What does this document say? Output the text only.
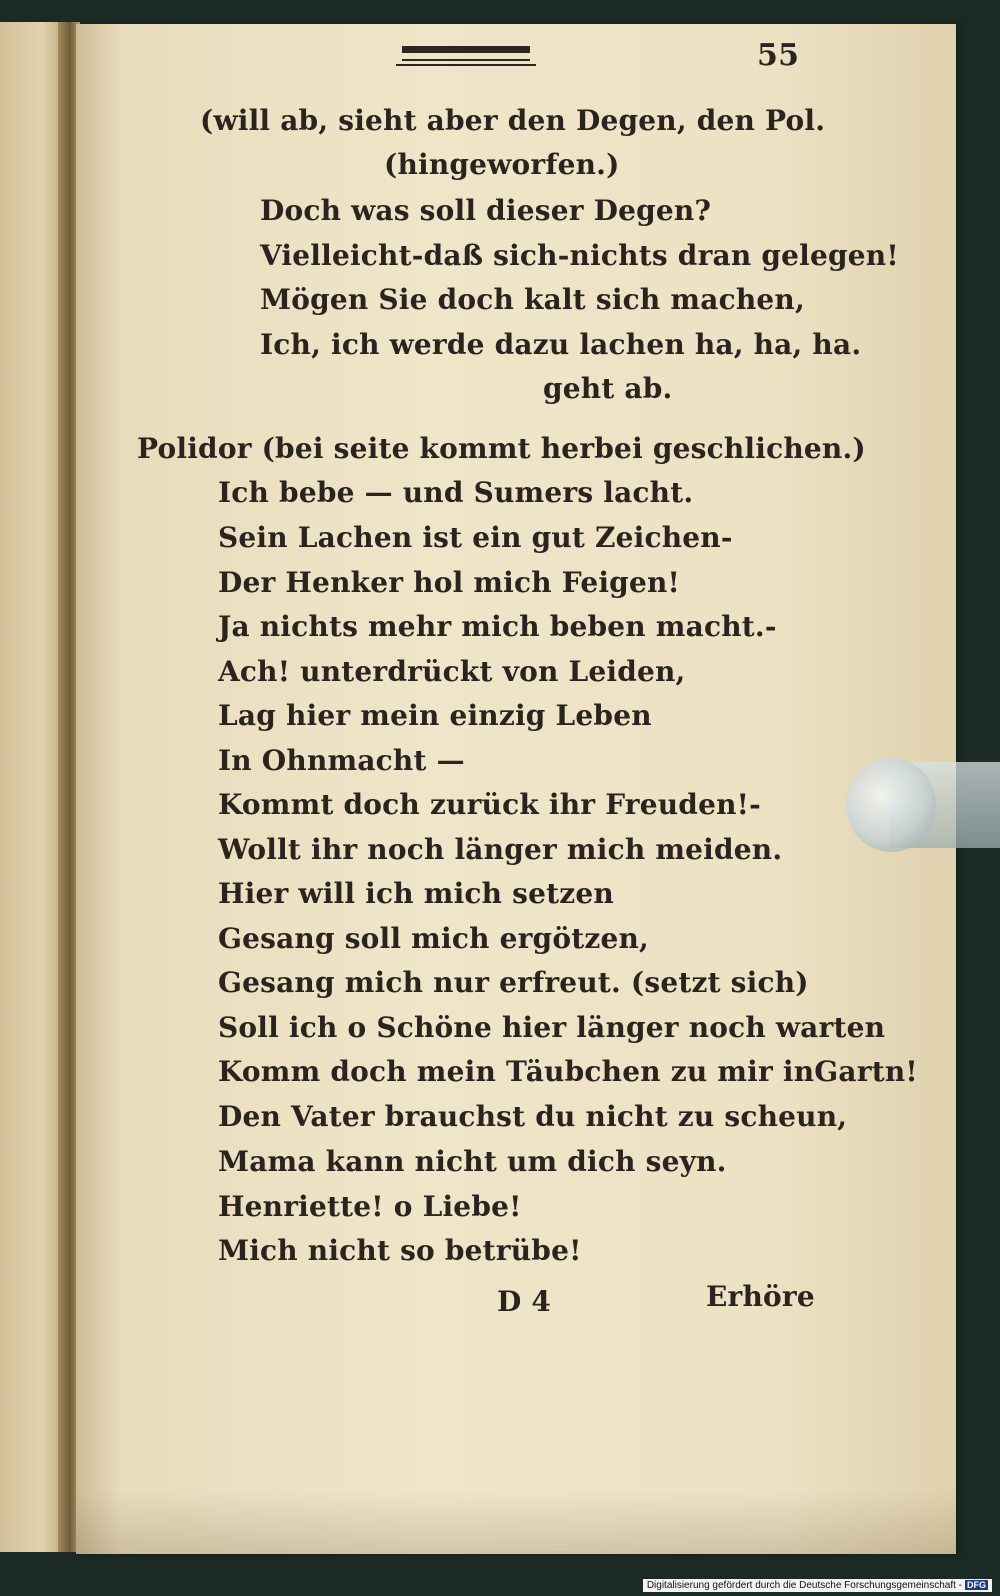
55

(will ab, sieht aber den Degen, den Pol.

(hingeworfen.)

Doch was soll dieser Degen?

Vielleicht-daß sich-nichts dran gelegen!

Mögen Sie doch kalt sich machen,

Ich, ich werde dazu lachen ha, ha, ha.

geht ab.

Polidor (bei seite kommt herbei geschlichen.)

Ich bebe — und Sumers lacht.

Sein Lachen ist ein gut Zeichen-

Der Henker hol mich Feigen!

Ja nichts mehr mich beben macht.-

Ach! unterdrückt von Leiden,

Lag hier mein einzig Leben

In Ohnmacht —

Kommt doch zurück ihr Freuden!-

Wollt ihr noch länger mich meiden.

Hier will ich mich setzen

Gesang soll mich ergötzen,

Gesang mich nur erfreut. (setzt sich)

Soll ich o Schöne hier länger noch warten

Komm doch mein Täubchen zu mir inGartn!

Den Vater brauchst du nicht zu scheun,

Mama kann nicht um dich seyn.

Henriette! o Liebe!

Mich nicht so betrübe!

D 4	Erhöre

Digitalisierung gefördert durch die Deutsche Forschungsgemeinschaft - DFG
